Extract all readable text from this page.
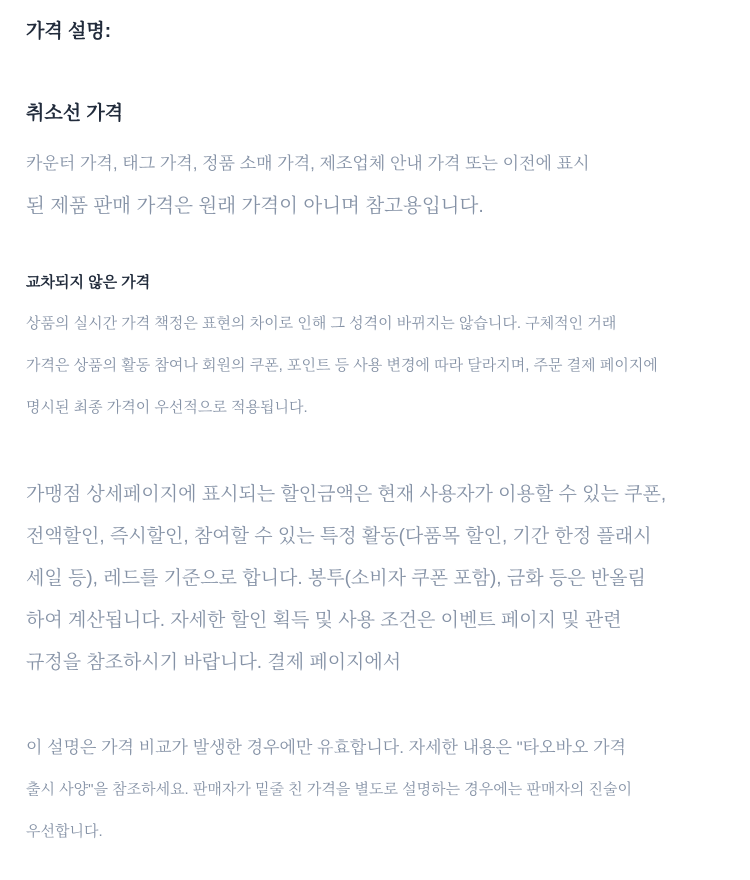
가격 설명:
취소선 가격

카운터 가격, 태그 가격, 정품 소매 가격, 제조업체 안내 가격 또는 이전에 표시
된 제품 판매 가격은 원래 가격이 아니며 참고용입니다.

교차되지 않은 가격

상품의 실시간 가격 책정은 표현의 차이로 인해 그 성격이 바뀌지는 않습니다. 구체적인 거래
가격은 상품의 활동 참여나 회원의 쿠폰, 포인트 등 사용 변경에 따라 달라지며, 주문 결제 페이지에
명시된 최종 가격이 우선적으로 적용됩니다.

가맹점 상세페이지에 표시되는 할인금액은 현재 사용자가 이용할 수 있는 쿠폰,
전액할인, 즉시할인, 참여할 수 있는 특정 활동(다품목 할인, 기간 한정 플래시
세일 등), 레드를 기준으로 합니다. 봉투(소비자 쿠폰 포함), 금화 등은 반올림
하여 계산됩니다. 자세한 할인 획득 및 사용 조건은 이벤트 페이지 및 관련
규정을 참조하시기 바랍니다. 결제 페이지에서

이 설명은 가격 비교가 발생한 경우에만 유효합니다. 자세한 내용은 "타오바오 가격
출시 사양"을 참조하세요. 판매자가 밑줄 친 가격을 별도로 설명하는 경우에는 판매자의 진술이
우선합니다.
